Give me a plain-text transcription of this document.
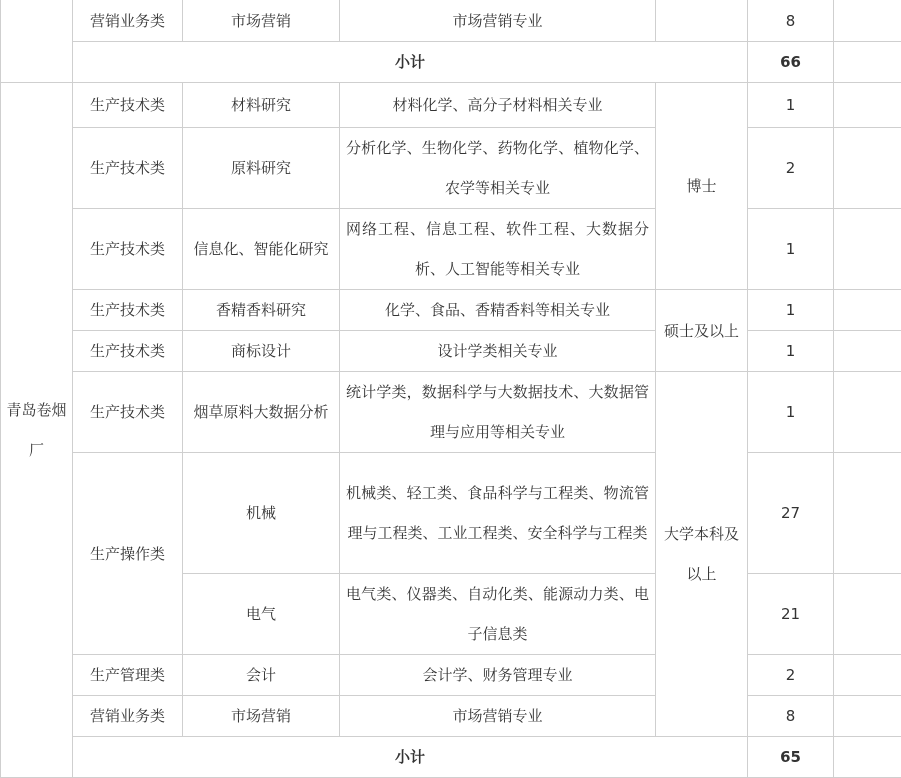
	营销业务类	市场营销	市场营销专业		8	
	小计				66	
青岛卷烟厂	生产技术类	材料研究	材料化学、高分子材料相关专业	博士	1	
	生产技术类	原料研究	分析化学、生物化学、药物化学、植物化学、农学等相关专业		2	
	生产技术类	信息化、智能化研究	网络工程、信息工程、软件工程、大数据分析、人工智能等相关专业		1	
	生产技术类	香精香料研究	化学、食品、香精香料等相关专业	硕士及以上	1	
	生产技术类	商标设计	设计学类相关专业		1	
	生产技术类	烟草原料大数据分析	统计学类，数据科学与大数据技术、大数据管理与应用等相关专业	大学本科及以上	1	
	生产操作类	机械	机械类、轻工类、食品科学与工程类、物流管理与工程类、工业工程类、安全科学与工程类		27	
		电气	电气类、仪器类、自动化类、能源动力类、电子信息类		21	
	生产管理类	会计	会计学、财务管理专业		2	
	营销业务类	市场营销	市场营销专业		8	
	小计				65	
